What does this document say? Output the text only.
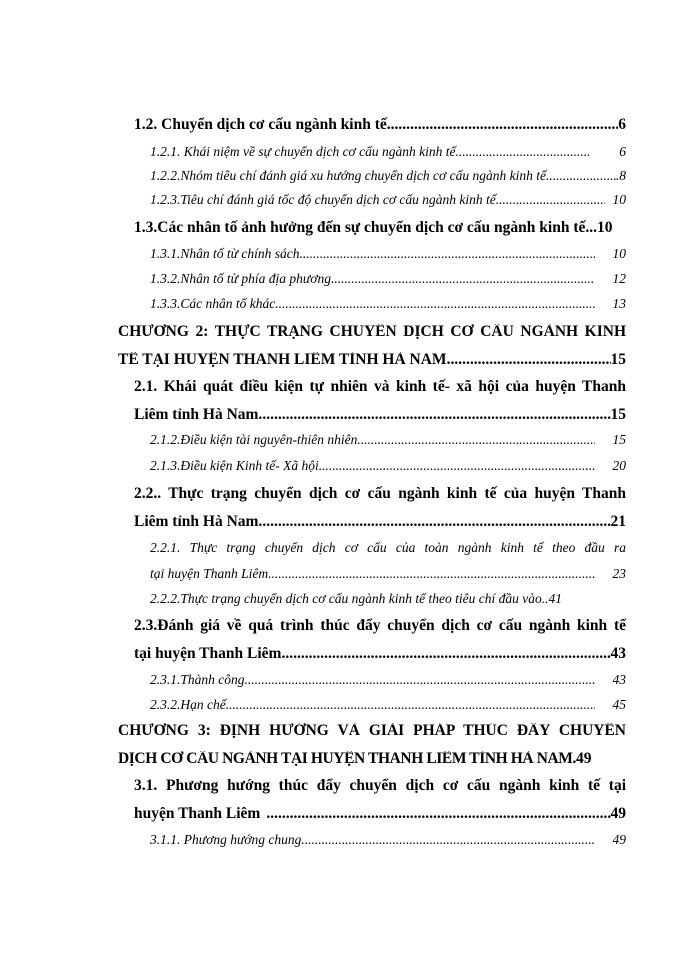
1.2. Chuyển dịch cơ cấu ngành kinh tế. .....	6
1.2.1. Khái niệm về sự chuyển dịch cơ cấu ngành kinh tế. .....	6
1.2.2.Nhóm tiêu chí đánh giá xu hướng chuyển dịch cơ cấu ngành kinh tế. .....	.8
1.2.3.Tiêu chí đánh giá tốc độ chuyển dịch cơ cấu ngành kinh tế. .....	10
1.3.Các nhân tố ảnh hưởng đến sự chuyển dịch cơ cấu ngành kinh tế ...10
1.3.1.Nhân tố từ chính sách. .....	10
1.3.2.Nhân tố từ phía địa phương. .....	12
1.3.3.Các nhân tố khác. .....	13
CHƯƠNG 2: THỰC TRẠNG CHUYỂN DỊCH CƠ CẤU NGÀNH KINH
TẾ TẠI HUYỆN THANH LIÊM TỈNH HÀ NAM. .....	15
2.1. Khái quát điều kiện tự nhiên và kinh tế- xã hội của huyện Thanh
Liêm tỉnh Hà Nam. .....	15
2.1.2.Điều kiện tài nguyên-thiên nhiên. .....	15
2.1.3.Điều kiện Kinh tế- Xã hội. .....	20
2.2.. Thực trạng chuyển dịch cơ cấu ngành kinh tế của huyện Thanh
Liêm tỉnh Hà Nam. .....	21
2.2.1. Thực trạng chuyển dịch cơ cấu của toàn ngành kinh tế theo đầu ra
tại huyện Thanh Liêm .....	23
2.2.2.Thực trạng chuyển dịch cơ cấu ngành kinh tế theo tiêu chí đầu vào ..41
2.3.Đánh giá về quá trình thúc đẩy chuyển dịch cơ cấu ngành kinh tế
tại huyện Thanh Liêm. .....	43
2.3.1.Thành công. .....	43
2.3.2.Hạn chế. .....	45
CHƯƠNG 3: ĐỊNH HƯỚNG VÀ GIẢI PHÁP THÚC ĐẨY CHUYỂN
DỊCH CƠ CẤU NGÀNH TẠI HUYỆN THANH LIÊM TỈNH HÀ NAM. 49
3.1. Phương hướng thúc đẩy chuyển dịch cơ cấu ngành kinh tế tại
huyện Thanh Liêm .....	49
3.1.1. Phương hướng chung. .....	49
